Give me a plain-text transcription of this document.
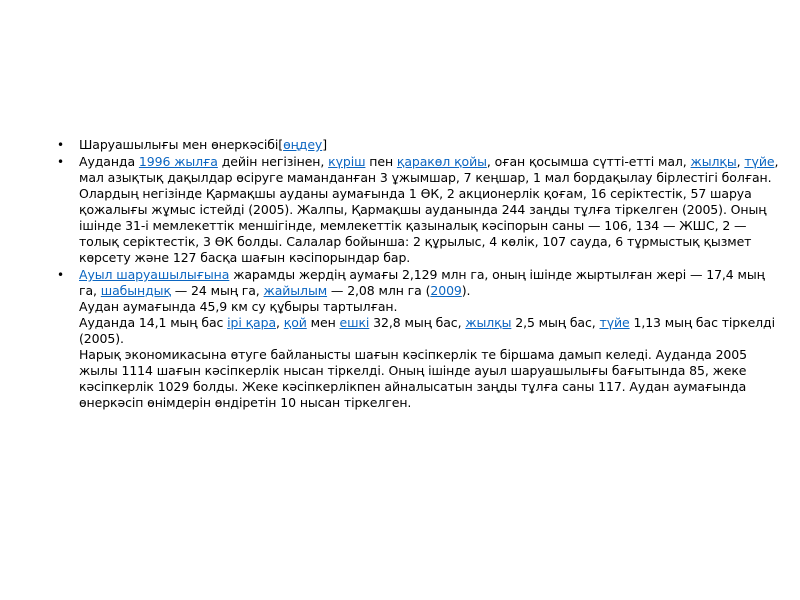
• Шаруашылығы мен өнеркәсібі[өңдеу]
• Ауданда 1996 жылға дейін негізінен, күріш пен қаракөл қойы, оған қосымша сүтті-етті мал, жылқы, түйе, мал азықтық дақылдар өсіруге маманданған 3 ұжымшар, 7 кеңшар, 1 мал бордақылау бірлестігі болған. Олардың негізінде Қармақшы ауданы аумағында 1 ӨК, 2 акционерлік қоғам, 16 серіктестік, 57 шаруа қожалығы жұмыс істейді (2005). Жалпы, Қармақшы ауданында 244 заңды тұлға тіркелген (2005). Оның ішінде 31-і мемлекеттік меншігінде, мемлекеттік қазыналық кәсіпорын саны — 106, 134 — ЖШС, 2 — толық серіктестік, 3 ӨК болды. Салалар бойынша: 2 құрылыс, 4 көлік, 107 сауда, 6 тұрмыстық қызмет көрсету және 127 басқа шағын кәсіпорындар бар.
• Ауыл шаруашылығына жарамды жердің аумағы 2,129 млн га, оның ішінде жыртылған жері — 17,4 мың га, шабындық — 24 мың га, жайылым — 2,08 млн га (2009).
Аудан аумағында 45,9 км су құбыры тартылған.
Ауданда 14,1 мың бас ірі қара, қой мен ешкі 32,8 мың бас, жылқы 2,5 мың бас, түйе 1,13 мың бас тіркелді (2005).
Нарық экономикасына өтуге байланысты шағын кәсіпкерлік те біршама дамып келеді. Ауданда 2005 жылы 1114 шағын кәсіпкерлік нысан тіркелді. Оның ішінде ауыл шаруашылығы бағытында 85, жеке кәсіпкерлік 1029 болды. Жеке кәсіпкерлікпен айналысатын заңды тұлға саны 117. Аудан аумағында өнеркәсіп өнімдерін өндіретін 10 нысан тіркелген.
